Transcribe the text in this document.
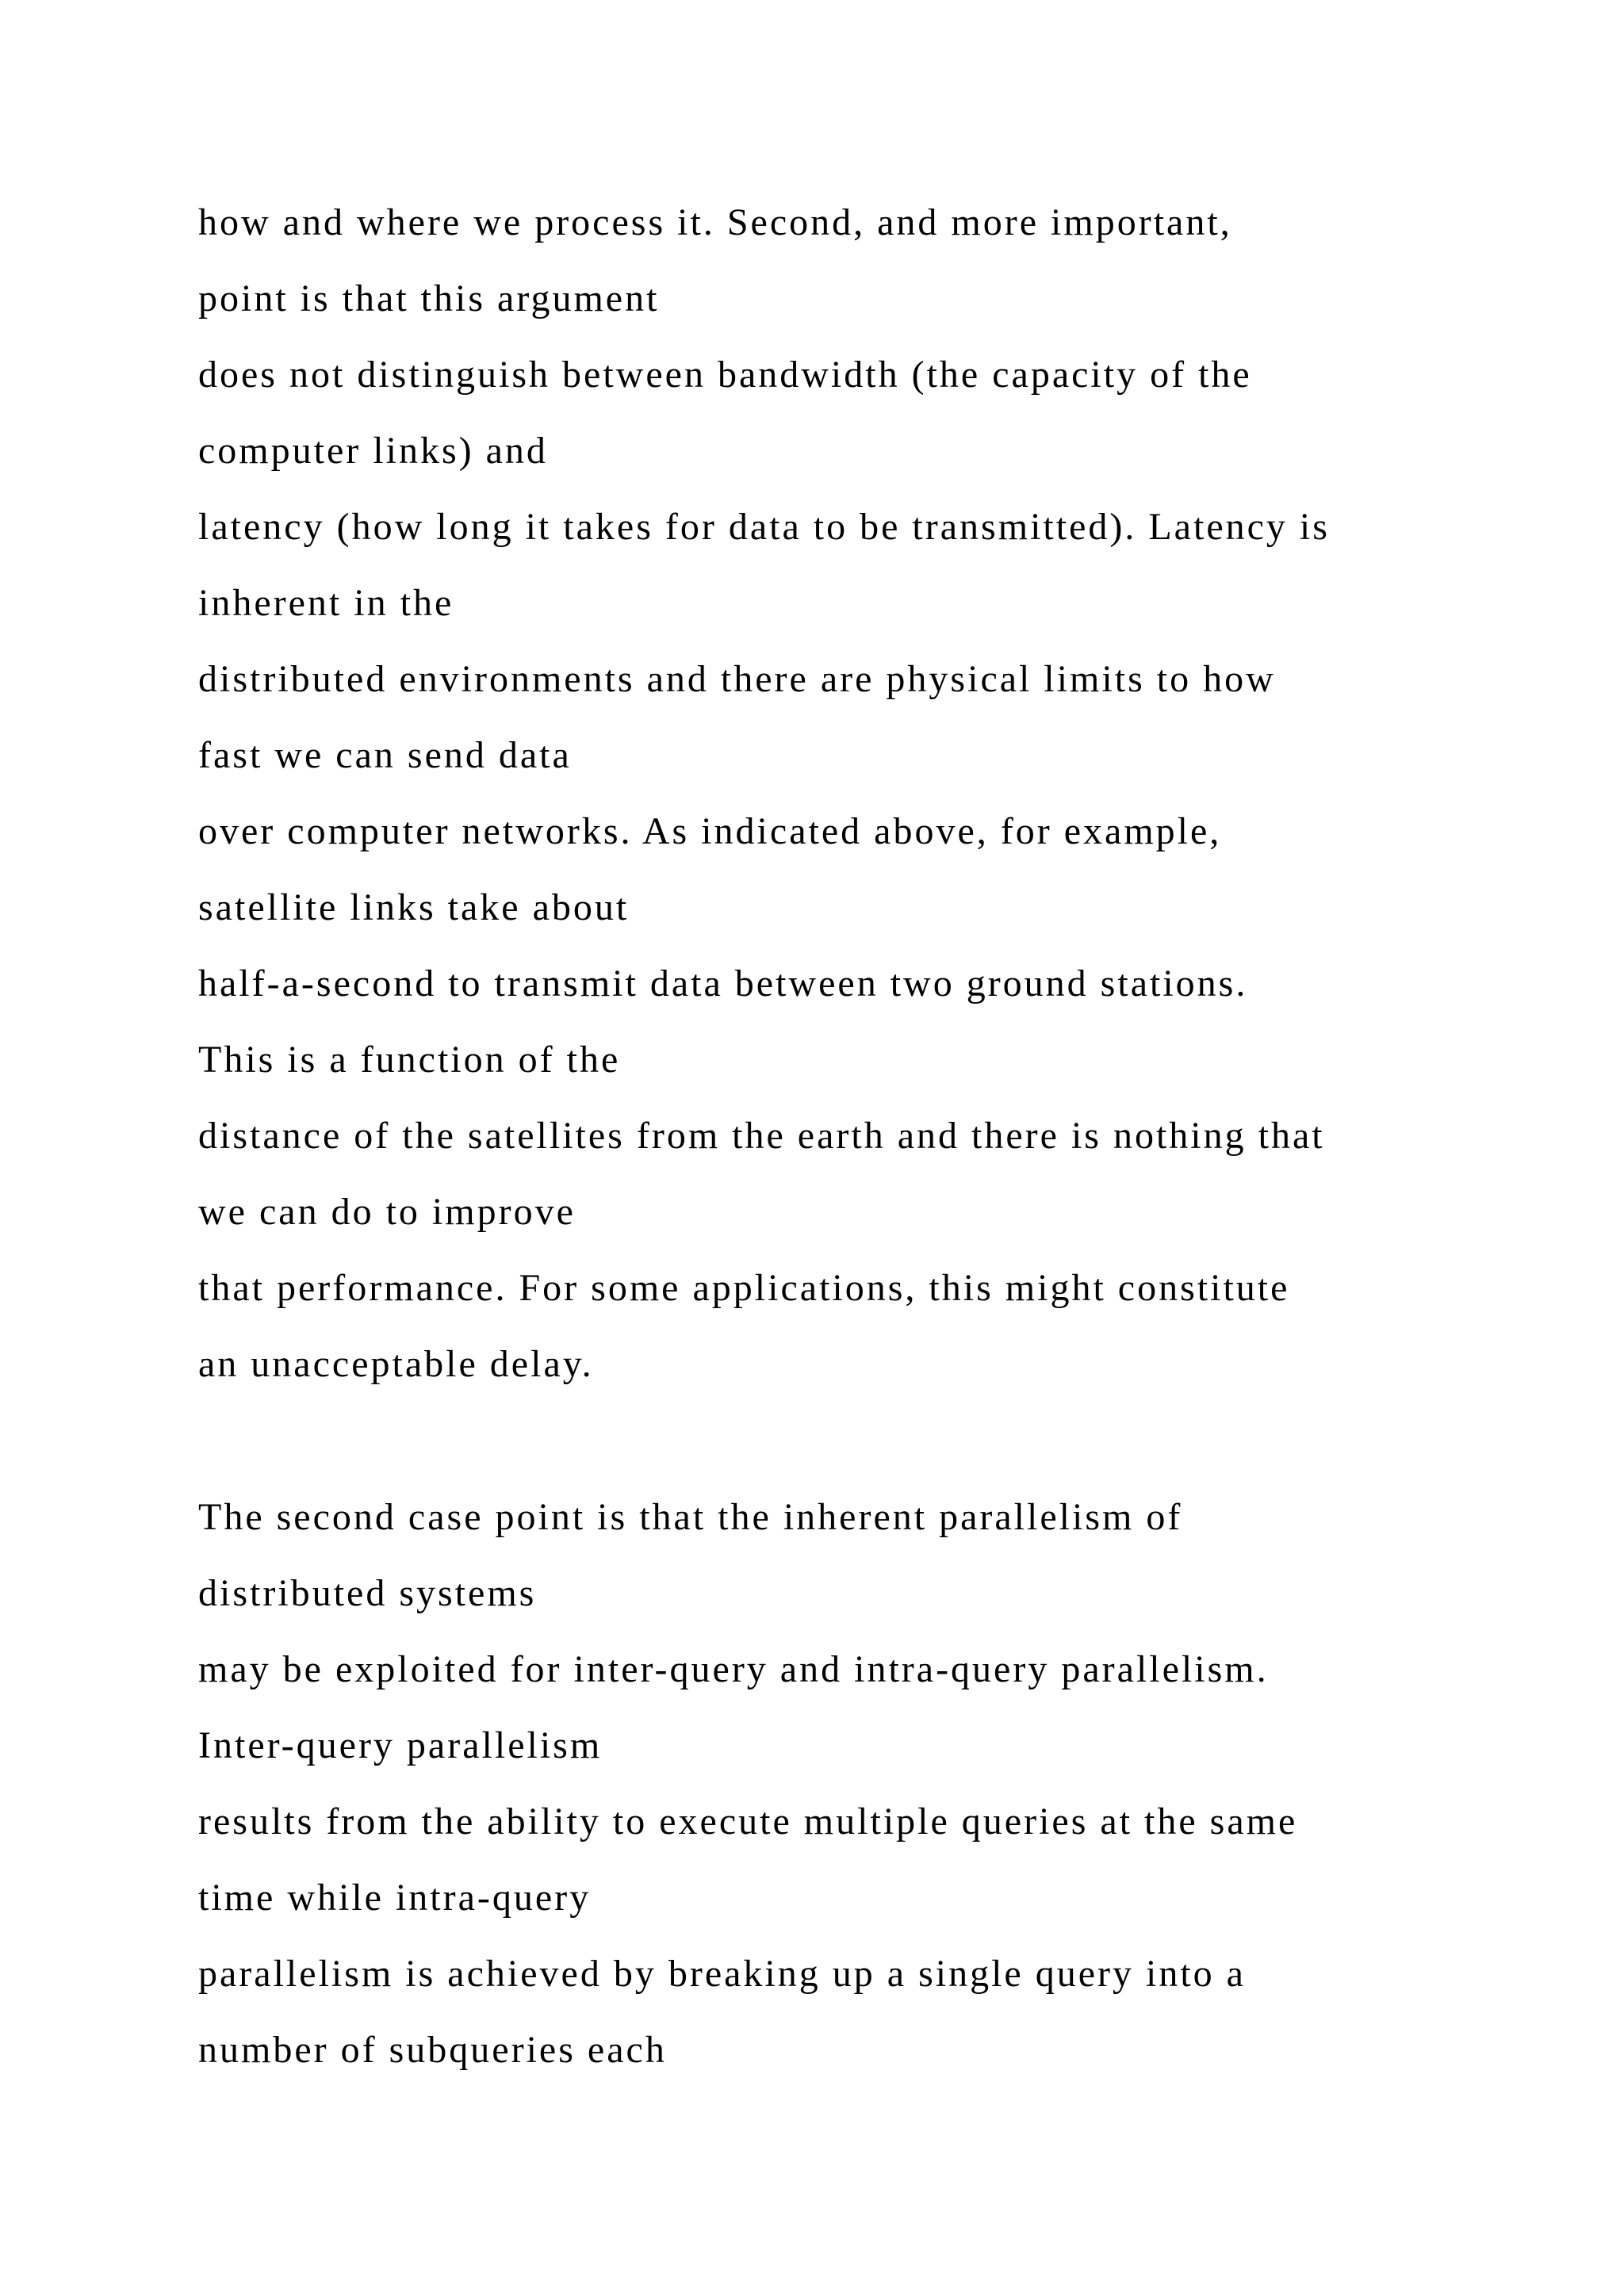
how and where we process it. Second, and more important,
point is that this argument
does not distinguish between bandwidth (the capacity of the
computer links) and
latency (how long it takes for data to be transmitted). Latency is
inherent in the
distributed environments and there are physical limits to how
fast we can send data
over computer networks. As indicated above, for example,
satellite links take about
half-a-second to transmit data between two ground stations.
This is a function of the
distance of the satellites from the earth and there is nothing that
we can do to improve
that performance. For some applications, this might constitute
an unacceptable delay.
The second case point is that the inherent parallelism of
distributed systems
may be exploited for inter-query and intra-query parallelism.
Inter-query parallelism
results from the ability to execute multiple queries at the same
time while intra-query
parallelism is achieved by breaking up a single query into a
number of subqueries each
